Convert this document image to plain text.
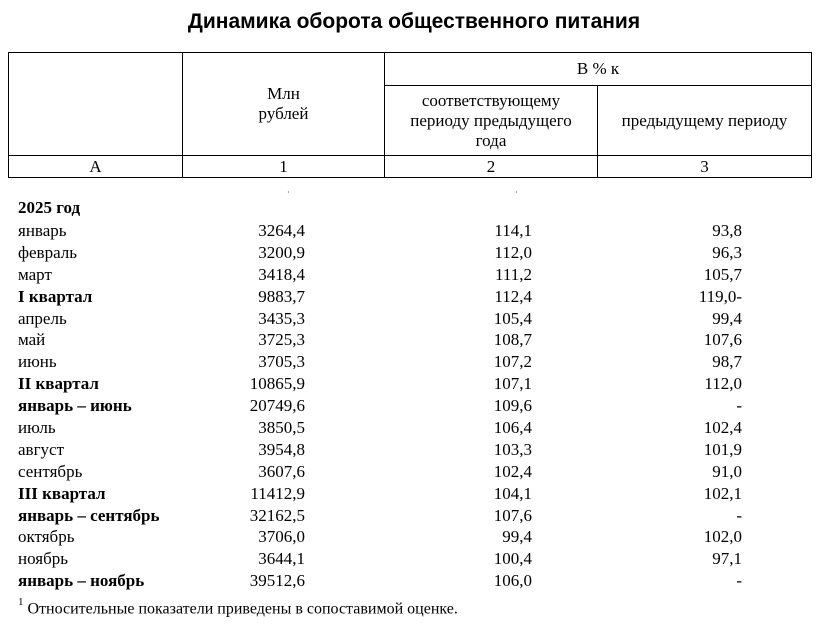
Динамика оборота общественного питания

	Млн рублей	В % к	

		соответствующему периоду предыдущего года	предыдущему периоду
А	1	2	3
·	·
2025 год			
январь	3264,4	114,1	93,8
февраль	3200,9	112,0	96,3
март	3418,4	111,2	105,7
I квартал	9883,7	112,4	119,0-
апрель	3435,3	105,4	99,4
май	3725,3	108,7	107,6
июнь	3705,3	107,2	98,7
II квартал	10865,9	107,1	112,0
январь – июнь	20749,6	109,6	-
июль	3850,5	106,4	102,4
август	3954,8	103,3	101,9
сентябрь	3607,6	102,4	91,0
III квартал	11412,9	104,1	102,1
январь – сентябрь	32162,5	107,6	-
октябрь	3706,0	99,4	102,0
ноябрь	3644,1	100,4	97,1
январь – ноябрь	39512,6	106,0	-
$^1$ Относительные показатели приведены в сопоставимой оценке.
